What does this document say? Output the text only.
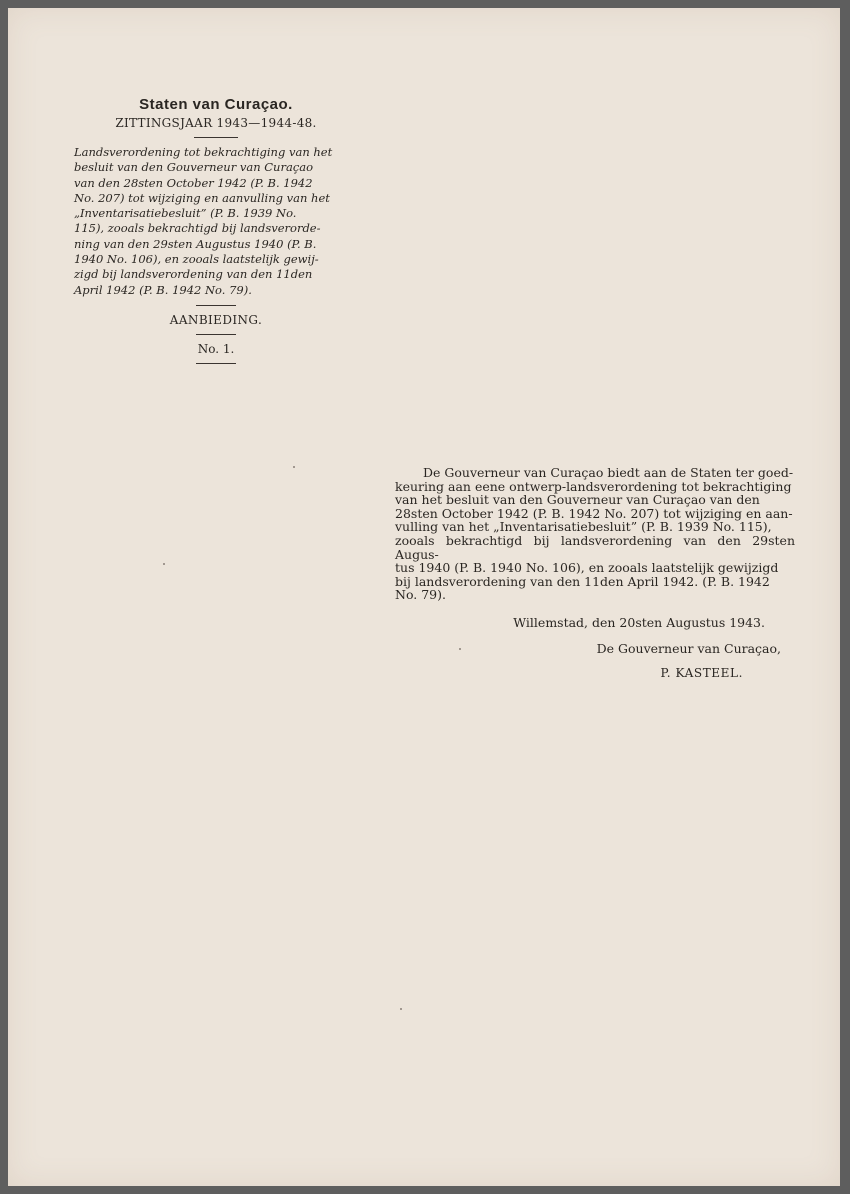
Staten van Curaçao.

ZITTINGSJAAR 1943—1944-48.

Landsverordening tot bekrachtiging van het
besluit van den Gouverneur van Curaçao
van den 28sten October 1942 (P. B. 1942
No. 207) tot wijziging en aanvulling van het
„Inventarisatiebesluit” (P. B. 1939 No.
115), zooals bekrachtigd bij landsverorde-
ning van den 29sten Augustus 1940 (P. B.
1940 No. 106), en zooals laatstelijk gewij-
zigd bij landsverordening van den 11den
April 1942 (P. B. 1942 No. 79).

AANBIEDING.
No. 1.

De Gouverneur van Curaçao biedt aan de Staten ter goed-
keuring aan eene ontwerp-landsverordening tot bekrachtiging
van het besluit van den Gouverneur van Curaçao van den
28sten October 1942 (P. B. 1942 No. 207) tot wijziging en aan-
vulling van het „Inventarisatiebesluit” (P. B. 1939 No. 115),
zooals bekrachtigd bij landsverordening van den 29sten Augus-
tus 1940 (P. B. 1940 No. 106), en zooals laatstelijk gewijzigd
bij landsverordening van den 11den April 1942. (P. B. 1942
No. 79).

Willemstad, den 20sten Augustus 1943.
De Gouverneur van Curaçao,
P. KASTEEL.
